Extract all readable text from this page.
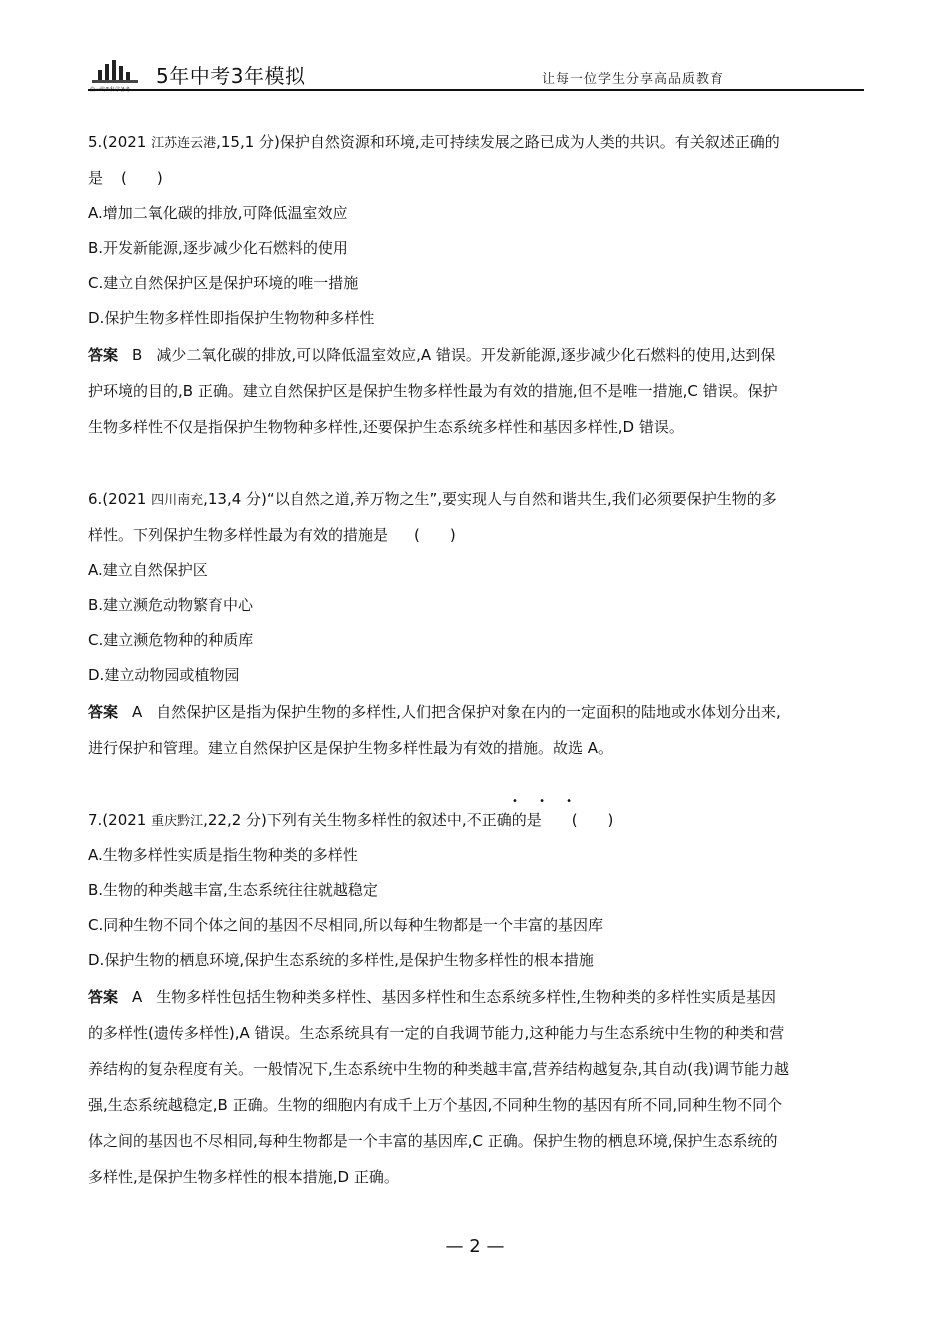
5年中考3年模拟	让每一位学生分享高品质教育
5.(2021 江苏连云港,15,1 分)保护自然资源和环境,走可持续发展之路已成为人类的共识。有关叙述正确的
是 (　　)
A.增加二氧化碳的排放,可降低温室效应
B.开发新能源,逐步减少化石燃料的使用
C.建立自然保护区是保护环境的唯一措施
D.保护生物多样性即指保护生物物种多样性
答案 B 减少二氧化碳的排放,可以降低温室效应,A 错误。开发新能源,逐步减少化石燃料的使用,达到保
护环境的目的,B 正确。建立自然保护区是保护生物多样性最为有效的措施,但不是唯一措施,C 错误。保护
生物多样性不仅是指保护生物物种多样性,还要保护生态系统多样性和基因多样性,D 错误。
6.(2021 四川南充,13,4 分)“以自然之道,养万物之生”,要实现人与自然和谐共生,我们必须要保护生物的多
样性。下列保护生物多样性最为有效的措施是 (　　)
A.建立自然保护区
B.建立濒危动物繁育中心
C.建立濒危物种的种质库
D.建立动物园或植物园
答案 A 自然保护区是指为保护生物的多样性,人们把含保护对象在内的一定面积的陆地或水体划分出来,
进行保护和管理。建立自然保护区是保护生物多样性最为有效的措施。故选 A。
• • •
7.(2021 重庆黔江,22,2 分)下列有关生物多样性的叙述中,不正确的是 (　　)
A.生物多样性实质是指生物种类的多样性
B.生物的种类越丰富,生态系统往往就越稳定
C.同种生物不同个体之间的基因不尽相同,所以每种生物都是一个丰富的基因库
D.保护生物的栖息环境,保护生态系统的多样性,是保护生物多样性的根本措施
答案 A 生物多样性包括生物种类多样性、基因多样性和生态系统多样性,生物种类的多样性实质是基因
的多样性(遗传多样性),A 错误。生态系统具有一定的自我调节能力,这种能力与生态系统中生物的种类和营
养结构的复杂程度有关。一般情况下,生态系统中生物的种类越丰富,营养结构越复杂,其自动(我)调节能力越
强,生态系统越稳定,B 正确。生物的细胞内有成千上万个基因,不同种生物的基因有所不同,同种生物不同个
体之间的基因也不尽相同,每种生物都是一个丰富的基因库,C 正确。保护生物的栖息环境,保护生态系统的
多样性,是保护生物多样性的根本措施,D 正确。
— 2 —
